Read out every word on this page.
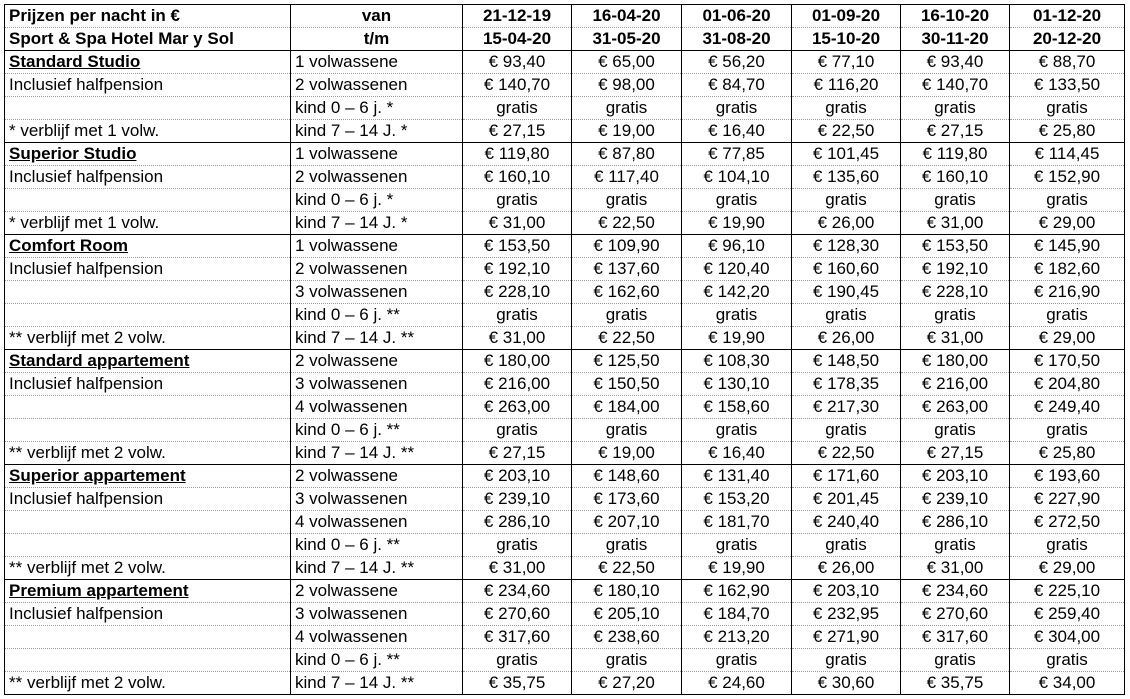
Prijzen per nacht in €	van	21-12-19	16-04-20	01-06-20	01-09-20	16-10-20	01-12-20
Sport & Spa Hotel Mar y Sol	t/m	15-04-20	31-05-20	31-08-20	15-10-20	30-11-20	20-12-20
Standard Studio	1 volwassene	€ 93,40	€ 65,00	€ 56,20	€ 77,10	€ 93,40	€ 88,70
Inclusief halfpension	2 volwassenen	€ 140,70	€ 98,00	€ 84,70	€ 116,20	€ 140,70	€ 133,50
	kind 0 – 6 j. *	gratis	gratis	gratis	gratis	gratis	gratis
* verblijf met 1 volw.	kind 7 – 14 J. *	€ 27,15	€ 19,00	€ 16,40	€ 22,50	€ 27,15	€ 25,80
Superior Studio	1 volwassene	€ 119,80	€ 87,80	€ 77,85	€ 101,45	€ 119,80	€ 114,45
Inclusief halfpension	2 volwassenen	€ 160,10	€ 117,40	€ 104,10	€ 135,60	€ 160,10	€ 152,90
	kind 0 – 6 j. *	gratis	gratis	gratis	gratis	gratis	gratis
* verblijf met 1 volw.	kind 7 – 14 J. *	€ 31,00	€ 22,50	€ 19,90	€ 26,00	€ 31,00	€ 29,00
Comfort Room	1 volwassene	€ 153,50	€ 109,90	€ 96,10	€ 128,30	€ 153,50	€ 145,90
Inclusief halfpension	2 volwassenen	€ 192,10	€ 137,60	€ 120,40	€ 160,60	€ 192,10	€ 182,60
	3 volwassenen	€ 228,10	€ 162,60	€ 142,20	€ 190,45	€ 228,10	€ 216,90
	kind 0 – 6 j. **	gratis	gratis	gratis	gratis	gratis	gratis
** verblijf met 2 volw.	kind 7 – 14 J. **	€ 31,00	€ 22,50	€ 19,90	€ 26,00	€ 31,00	€ 29,00
Standard appartement	2 volwassene	€ 180,00	€ 125,50	€ 108,30	€ 148,50	€ 180,00	€ 170,50
Inclusief halfpension	3 volwassenen	€ 216,00	€ 150,50	€ 130,10	€ 178,35	€ 216,00	€ 204,80
	4 volwassenen	€ 263,00	€ 184,00	€ 158,60	€ 217,30	€ 263,00	€ 249,40
	kind 0 – 6 j. **	gratis	gratis	gratis	gratis	gratis	gratis
** verblijf met 2 volw.	kind 7 – 14 J. **	€ 27,15	€ 19,00	€ 16,40	€ 22,50	€ 27,15	€ 25,80
Superior appartement	2 volwassene	€ 203,10	€ 148,60	€ 131,40	€ 171,60	€ 203,10	€ 193,60
Inclusief halfpension	3 volwassenen	€ 239,10	€ 173,60	€ 153,20	€ 201,45	€ 239,10	€ 227,90
	4 volwassenen	€ 286,10	€ 207,10	€ 181,70	€ 240,40	€ 286,10	€ 272,50
	kind 0 – 6 j. **	gratis	gratis	gratis	gratis	gratis	gratis
** verblijf met 2 volw.	kind 7 – 14 J. **	€ 31,00	€ 22,50	€ 19,90	€ 26,00	€ 31,00	€ 29,00
Premium appartement	2 volwassene	€ 234,60	€ 180,10	€ 162,90	€ 203,10	€ 234,60	€ 225,10
Inclusief halfpension	3 volwassenen	€ 270,60	€ 205,10	€ 184,70	€ 232,95	€ 270,60	€ 259,40
	4 volwassenen	€ 317,60	€ 238,60	€ 213,20	€ 271,90	€ 317,60	€ 304,00
	kind 0 – 6 j. **	gratis	gratis	gratis	gratis	gratis	gratis
** verblijf met 2 volw.	kind 7 – 14 J. **	€ 35,75	€ 27,20	€ 24,60	€ 30,60	€ 35,75	€ 34,00
